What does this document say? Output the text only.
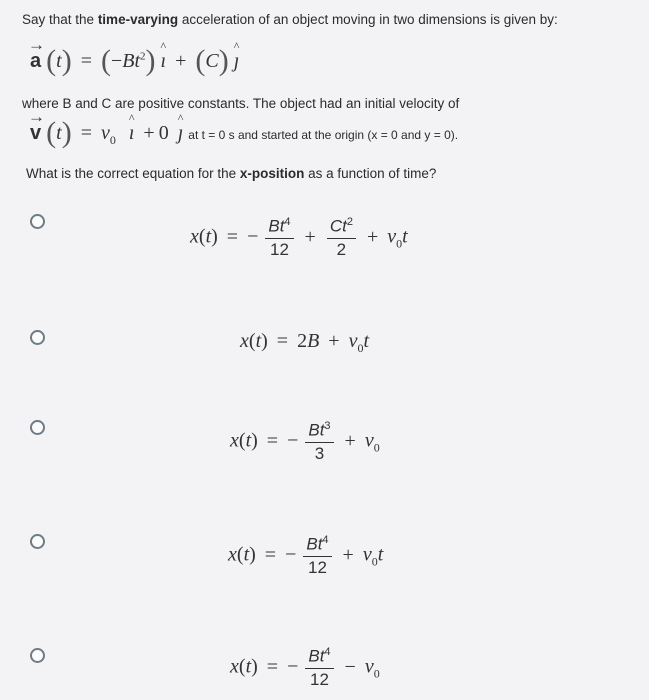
Say that the time-varying acceleration of an object moving in two dimensions is given by:
→ a $(t) = (-Bt^2)$ ^ ı + (C) ^ ȷ
where B and C are positive constants. The object had an initial velocity of
→ v $(t) = v_0$ ^ ı + 0 ^ ȷ at t = 0 s and started at the origin (x = 0 and y = 0).
What is the correct equation for the x-position as a function of time?
x(t) = − $\frac{Bt^4}{12} + \frac{Ct^2}{2} + v_0t$
$x(t) = 2B + v_0t$
x(t) = − $\frac{Bt^3}{3} + v_0$
x(t) = − $\frac{Bt^4}{12} + v_0t$
x(t) = − $\frac{Bt^4}{12} - v_0$
